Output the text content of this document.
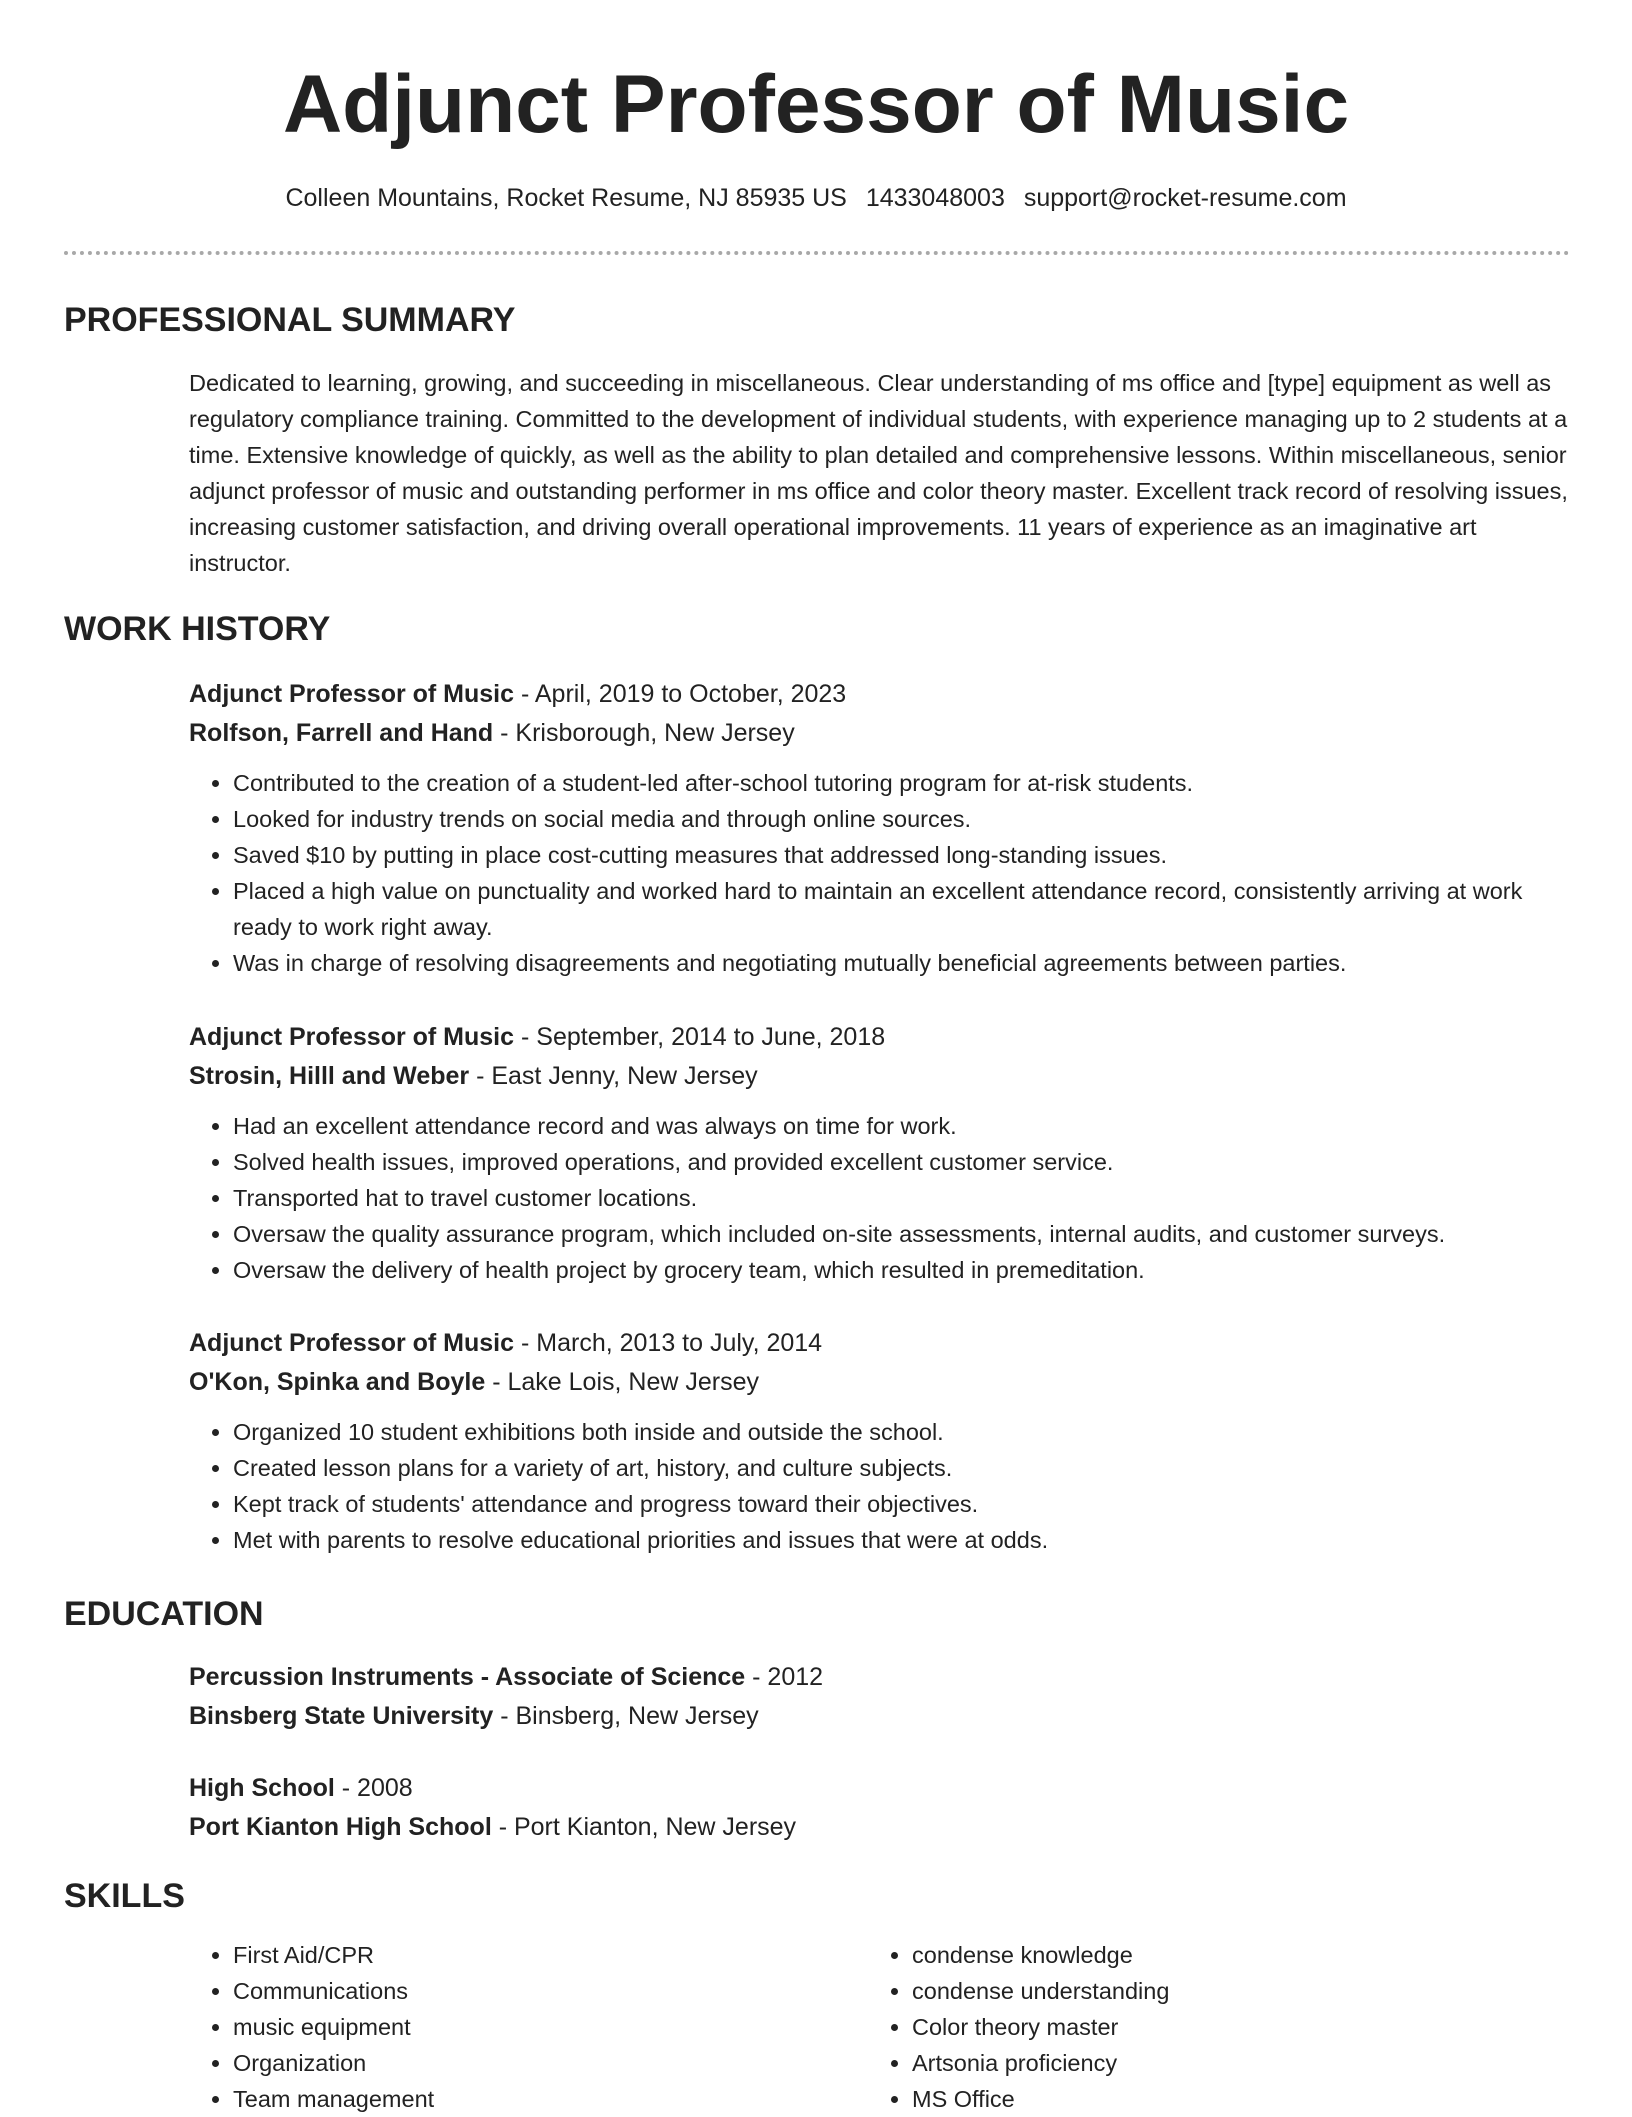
Adjunct Professor of Music
Colleen Mountains, Rocket Resume, NJ 85935 US 1433048003 support@rocket-resume.com
PROFESSIONAL SUMMARY

Dedicated to learning, growing, and succeeding in miscellaneous. Clear understanding of ms office and [type] equipment as well as regulatory compliance training. Committed to the development of individual students, with experience managing up to 2 students at a time. Extensive knowledge of quickly, as well as the ability to plan detailed and comprehensive lessons. Within miscellaneous, senior adjunct professor of music and outstanding performer in ms office and color theory master. Excellent track record of resolving issues, increasing customer satisfaction, and driving overall operational improvements. 11 years of experience as an imaginative art instructor.

WORK HISTORY
Adjunct Professor of Music - April, 2019 to October, 2023
Rolfson, Farrell and Hand - Krisborough, New Jersey
• Contributed to the creation of a student-led after-school tutoring program for at-risk students.
• Looked for industry trends on social media and through online sources.
• Saved $10 by putting in place cost-cutting measures that addressed long-standing issues.
• Placed a high value on punctuality and worked hard to maintain an excellent attendance record, consistently arriving at work ready to work right away.
• Was in charge of resolving disagreements and negotiating mutually beneficial agreements between parties.
Adjunct Professor of Music - September, 2014 to June, 2018
Strosin, Hilll and Weber - East Jenny, New Jersey
• Had an excellent attendance record and was always on time for work.
• Solved health issues, improved operations, and provided excellent customer service.
• Transported hat to travel customer locations.
• Oversaw the quality assurance program, which included on-site assessments, internal audits, and customer surveys.
• Oversaw the delivery of health project by grocery team, which resulted in premeditation.
Adjunct Professor of Music - March, 2013 to July, 2014
O'Kon, Spinka and Boyle - Lake Lois, New Jersey
• Organized 10 student exhibitions both inside and outside the school.
• Created lesson plans for a variety of art, history, and culture subjects.
• Kept track of students' attendance and progress toward their objectives.
• Met with parents to resolve educational priorities and issues that were at odds.
EDUCATION
Percussion Instruments - Associate of Science - 2012
Binsberg State University - Binsberg, New Jersey
High School - 2008
Port Kianton High School - Port Kianton, New Jersey
SKILLS
• First Aid/CPR
• Communications
• music equipment
• Organization
• Team management
• condense knowledge
• condense understanding
• Color theory master
• Artsonia proficiency
• MS Office
